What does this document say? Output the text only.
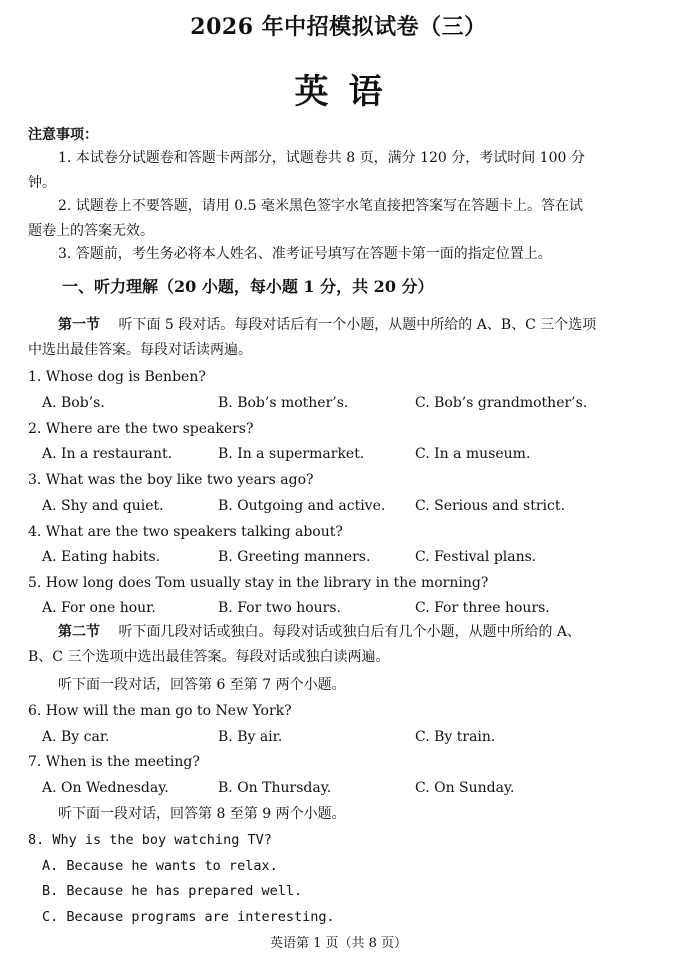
2026 年中招模拟试卷（三）
英语
注意事项：
1. 本试卷分试题卷和答题卡两部分，试题卷共 8 页，满分 120 分，考试时间 100 分
钟。
2. 试题卷上不要答题，请用 0.5 毫米黑色签字水笔直接把答案写在答题卡上。答在试
题卷上的答案无效。
3. 答题前，考生务必将本人姓名、准考证号填写在答题卡第一面的指定位置上。
一、听力理解（20 小题，每小题 1 分，共 20 分）
第一节 听下面 5 段对话。每段对话后有一个小题，从题中所给的 A、B、C 三个选项
中选出最佳答案。每段对话读两遍。
1. Whose dog is Benben?
A. Bob’s.	B. Bob’s mother’s.	C. Bob’s grandmother’s.
2. Where are the two speakers?
A. In a restaurant.	B. In a supermarket.	C. In a museum.
3. What was the boy like two years ago?
A. Shy and quiet.	B. Outgoing and active. C. Serious and strict.
4. What are the two speakers talking about?
A. Eating habits.	B. Greeting manners.	C. Festival plans.
5. How long does Tom usually stay in the library in the morning?
A. For one hour.	B. For two hours.	C. For three hours.
第二节 听下面几段对话或独白。每段对话或独白后有几个小题，从题中所给的 A、
B、C 三个选项中选出最佳答案。每段对话或独白读两遍。
听下面一段对话，回答第 6 至第 7 两个小题。
6. How will the man go to New York?
A. By car.	B. By air.	C. By train.
7. When is the meeting?
A. On Wednesday.	B. On Thursday.	C. On Sunday.
听下面一段对话，回答第 8 至第 9 两个小题。
8. Why is the boy watching TV?
A. Because he wants to relax.
B. Because he has prepared well.
C. Because programs are interesting.
英语第 1 页（共 8 页）
